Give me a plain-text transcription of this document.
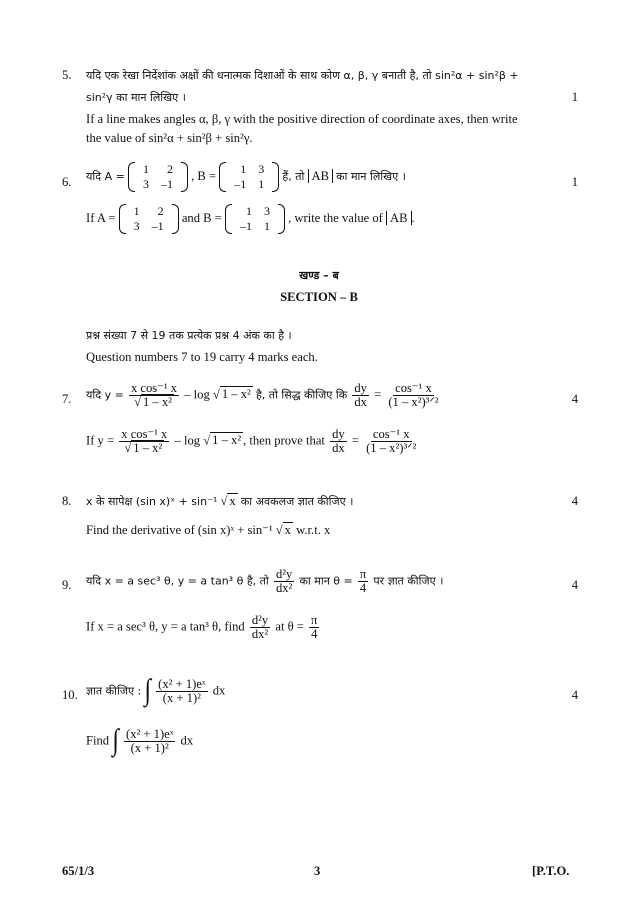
5. यदि एक रेखा निर्देशांक अक्षों की धनात्मक दिशाओं के साथ कोण α, β, γ बनाती है, तो sin²α + sin²β +
1
sin²γ का मान लिखिए ।
If a line makes angles α, β, γ with the positive direction of coordinate axes, then write
the value of sin²α + sin²β + sin²γ.
6.	1
यदि A =
1	2
3	–1
, B = 1	3
–1	1
हैं, तो AB का मान लिखिए ।
If A = 1	2
3	–1
and B = 1	3
–1	1
, write the value of AB .
खण्ड – ब
SECTION – B
प्रश्न संख्या 7 से 19 तक प्रत्येक प्रश्न 4 अंक का है ।
Question numbers 7 to 19 carry 4 marks each.
7.	4
यदि $y = \frac{\text{x cos⁻¹ x}}{\text{√ 1 – x²}} - \log$ √ 1 – x² है, तो सिद्ध कीजिए कि $\frac{dy}{dx} = \frac{\text{cos⁻¹ x}}{\text{(1 – x²)³ᐟ²}}$
If $y = \frac{\text{x cos⁻¹ x}}{\text{√ 1 – x²}} - \log$ √ 1 – x² , then prove that $\frac{dy}{dx} = \frac{\text{cos⁻¹ x}}{\text{(1 – x²)³ᐟ²}}$
8.	4
x के सापेक्ष (sin x)ˣ + sin⁻¹ √ x का अवकलज ज्ञात कीजिए ।
Find the derivative of (sin x)ˣ + sin⁻¹ √ x w.r.t. x
9.	4
यदि x = a sec³ θ, y = a tan³ θ है, तो $\frac{\text{d²y}}{\text{dx²}}$ का मान $\theta = \frac{\pi}{4}$ पर ज्ञात कीजिए ।
If x = a sec³ θ, y = a tan³ θ, find $\frac{\text{d²y}}{\text{dx²}}$ at $\theta = \frac{\pi}{4}$
10.	4
ज्ञात कीजिए : ∫ $\frac{\text{(x² + 1)eˣ}}{\text{(x + 1)²}}$ dx
Find ∫ $\frac{\text{(x² + 1)eˣ}}{\text{(x + 1)²}}$ dx
65/1/3	3	[P.T.O.
